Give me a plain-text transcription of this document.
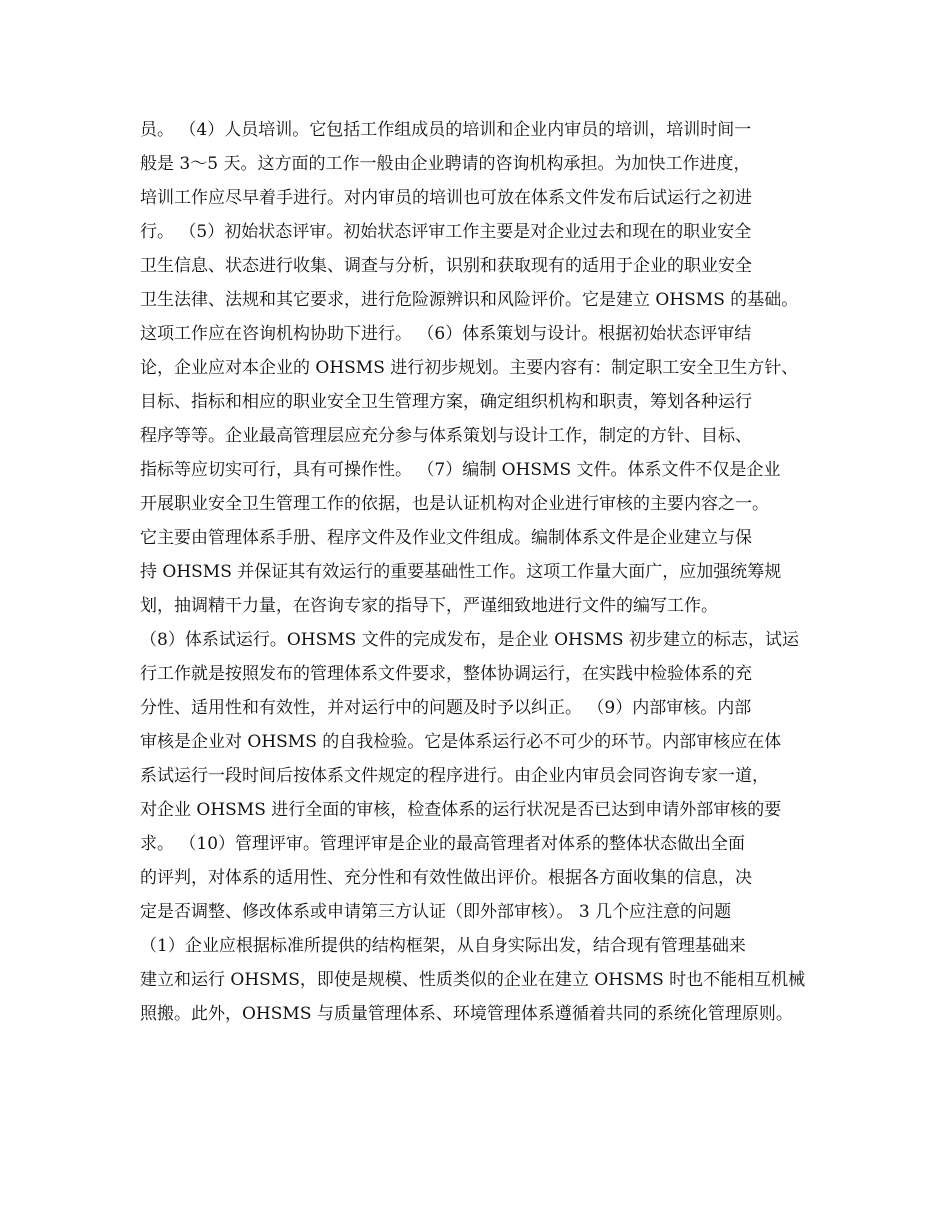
员。 （4）人员培训。它包括工作组成员的培训和企业内审员的培训，培训时间一
般是 3～5 天。这方面的工作一般由企业聘请的咨询机构承担。为加快工作进度，
培训工作应尽早着手进行。对内审员的培训也可放在体系文件发布后试运行之初进
行。 （5）初始状态评审。初始状态评审工作主要是对企业过去和现在的职业安全
卫生信息、状态进行收集、调查与分析，识别和获取现有的适用于企业的职业安全
卫生法律、法规和其它要求，进行危险源辨识和风险评价。它是建立 OHSMS 的基础。
这项工作应在咨询机构协助下进行。 （6）体系策划与设计。根据初始状态评审结
论，企业应对本企业的 OHSMS 进行初步规划。主要内容有：制定职工安全卫生方针、
目标、指标和相应的职业安全卫生管理方案，确定组织机构和职责，筹划各种运行
程序等等。企业最高管理层应充分参与体系策划与设计工作，制定的方针、目标、
指标等应切实可行，具有可操作性。 （7）编制 OHSMS 文件。体系文件不仅是企业
开展职业安全卫生管理工作的依据，也是认证机构对企业进行审核的主要内容之一。
它主要由管理体系手册、程序文件及作业文件组成。编制体系文件是企业建立与保
持 OHSMS 并保证其有效运行的重要基础性工作。这项工作量大面广，应加强统筹规
划，抽调精干力量，在咨询专家的指导下，严谨细致地进行文件的编写工作。
（8）体系试运行。OHSMS 文件的完成发布，是企业 OHSMS 初步建立的标志，试运
行工作就是按照发布的管理体系文件要求，整体协调运行，在实践中检验体系的充
分性、适用性和有效性，并对运行中的问题及时予以纠正。 （9）内部审核。内部
审核是企业对 OHSMS 的自我检验。它是体系运行必不可少的环节。内部审核应在体
系试运行一段时间后按体系文件规定的程序进行。由企业内审员会同咨询专家一道，
对企业 OHSMS 进行全面的审核，检查体系的运行状况是否已达到申请外部审核的要
求。 （10）管理评审。管理评审是企业的最高管理者对体系的整体状态做出全面
的评判，对体系的适用性、充分性和有效性做出评价。根据各方面收集的信息，决
定是否调整、修改体系或申请第三方认证（即外部审核）。 3 几个应注意的问题
（1）企业应根据标准所提供的结构框架，从自身实际出发，结合现有管理基础来
建立和运行 OHSMS，即使是规模、性质类似的企业在建立 OHSMS 时也不能相互机械
照搬。此外，OHSMS 与质量管理体系、环境管理体系遵循着共同的系统化管理原则。
